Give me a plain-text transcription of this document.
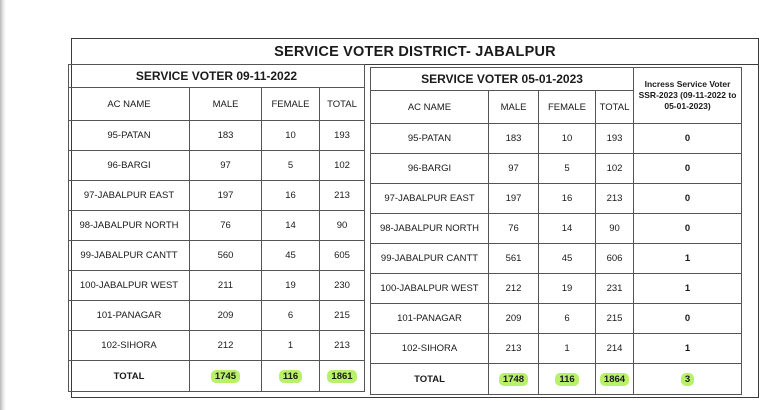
SERVICE VOTER DISTRICT- JABALPUR
SERVICE VOTER 09-11-2022			
AC NAME	MALE	FEMALE	TOTAL
95-PATAN	183	10	193
96-BARGI	97	5	102
97-JABALPUR EAST	197	16	213
98-JABALPUR NORTH	76	14	90
99-JABALPUR CANTT	560	45	605
100-JABALPUR WEST	211	19	230
101-PANAGAR	209	6	215
102-SIHORA	212	1	213
TOTAL	1745	116	1861
SERVICE VOTER 05-01-2023				Incress Service Voter SSR-2023 (09-11-2022 to 05-01-2023)
AC NAME	MALE	FEMALE	TOTAL	
95-PATAN	183	10	193	0
96-BARGI	97	5	102	0
97-JABALPUR EAST	197	16	213	0
98-JABALPUR NORTH	76	14	90	0
99-JABALPUR CANTT	561	45	606	1
100-JABALPUR WEST	212	19	231	1
101-PANAGAR	209	6	215	0
102-SIHORA	213	1	214	1
TOTAL	1748	116	1864	3
